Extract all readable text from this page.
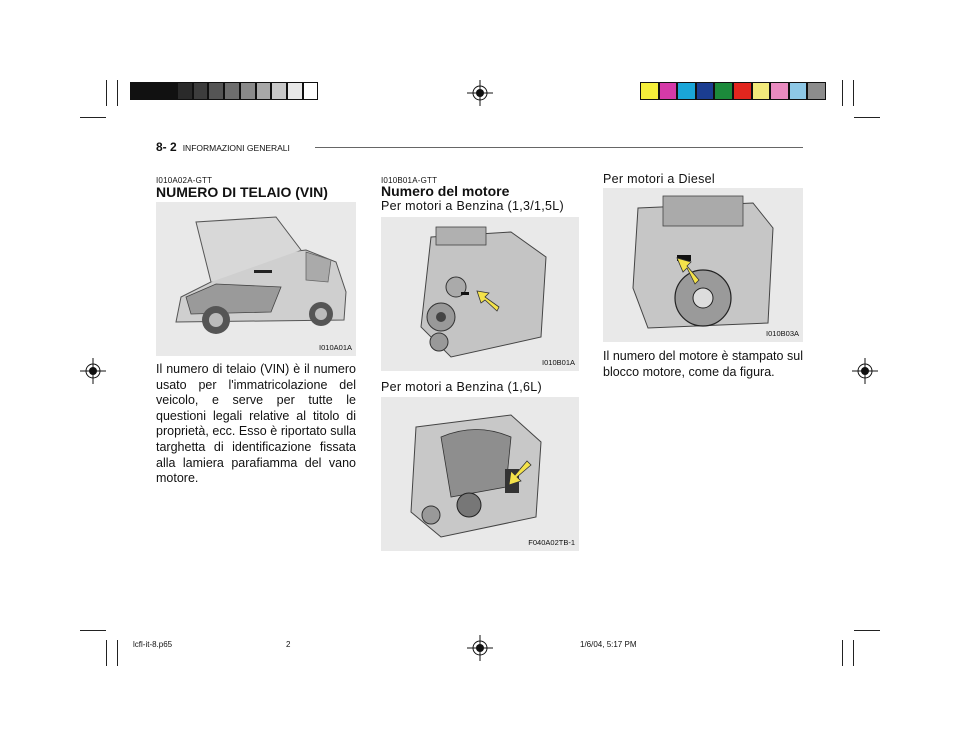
8- 2 INFORMAZIONI GENERALI
I010A02A-GTT
NUMERO DI TELAIO (VIN)
I010A01A
Il numero di telaio (VIN) è il numero usato per l'immatricolazione del veicolo, e serve per tutte le questioni legali relative al titolo di proprietà, ecc. Esso è riportato sulla targhetta di identificazione fissata alla lamiera parafiamma del vano motore.
I010B01A-GTT
Numero del motore
Per motori a Benzina (1,3/1,5L)
I010B01A
Per motori a Benzina (1,6L)
F040A02TB-1
Per motori a Diesel
I010B03A
Il numero del motore è stampato sul blocco motore, come da figura.
lcfl-it-8.p65	2	1/6/04, 5:17 PM
